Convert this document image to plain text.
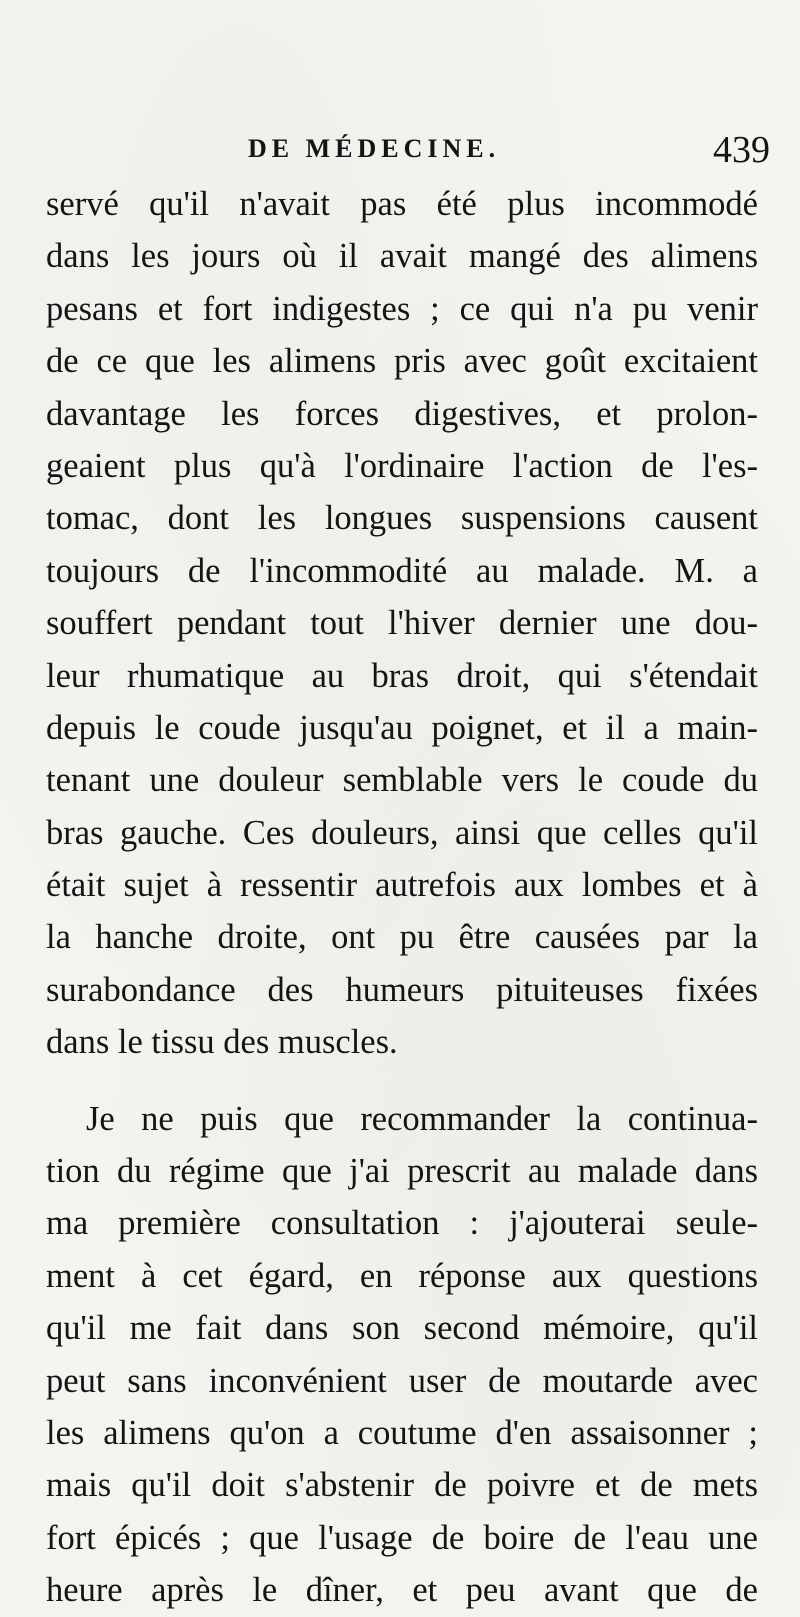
DE MÉDECINE.	439
servé qu'il n'avait pas été plus incommodé
dans les jours où il avait mangé des alimens
pesans et fort indigestes ; ce qui n'a pu venir
de ce que les alimens pris avec goût excitaient
davantage les forces digestives, et prolon-
geaient plus qu'à l'ordinaire l'action de l'es-
tomac, dont les longues suspensions causent
toujours de l'incommodité au malade. M. a
souffert pendant tout l'hiver dernier une dou-
leur rhumatique au bras droit, qui s'étendait
depuis le coude jusqu'au poignet, et il a main-
tenant une douleur semblable vers le coude du
bras gauche. Ces douleurs, ainsi que celles qu'il
était sujet à ressentir autrefois aux lombes et à
la hanche droite, ont pu être causées par la
surabondance des humeurs pituiteuses fixées
dans le tissu des muscles.
Je ne puis que recommander la continua-
tion du régime que j'ai prescrit au malade dans
ma première consultation : j'ajouterai seule-
ment à cet égard, en réponse aux questions
qu'il me fait dans son second mémoire, qu'il
peut sans inconvénient user de moutarde avec
les alimens qu'on a coutume d'en assaisonner ;
mais qu'il doit s'abstenir de poivre et de mets
fort épicés ; que l'usage de boire de l'eau une
heure après le dîner, et peu avant que de
